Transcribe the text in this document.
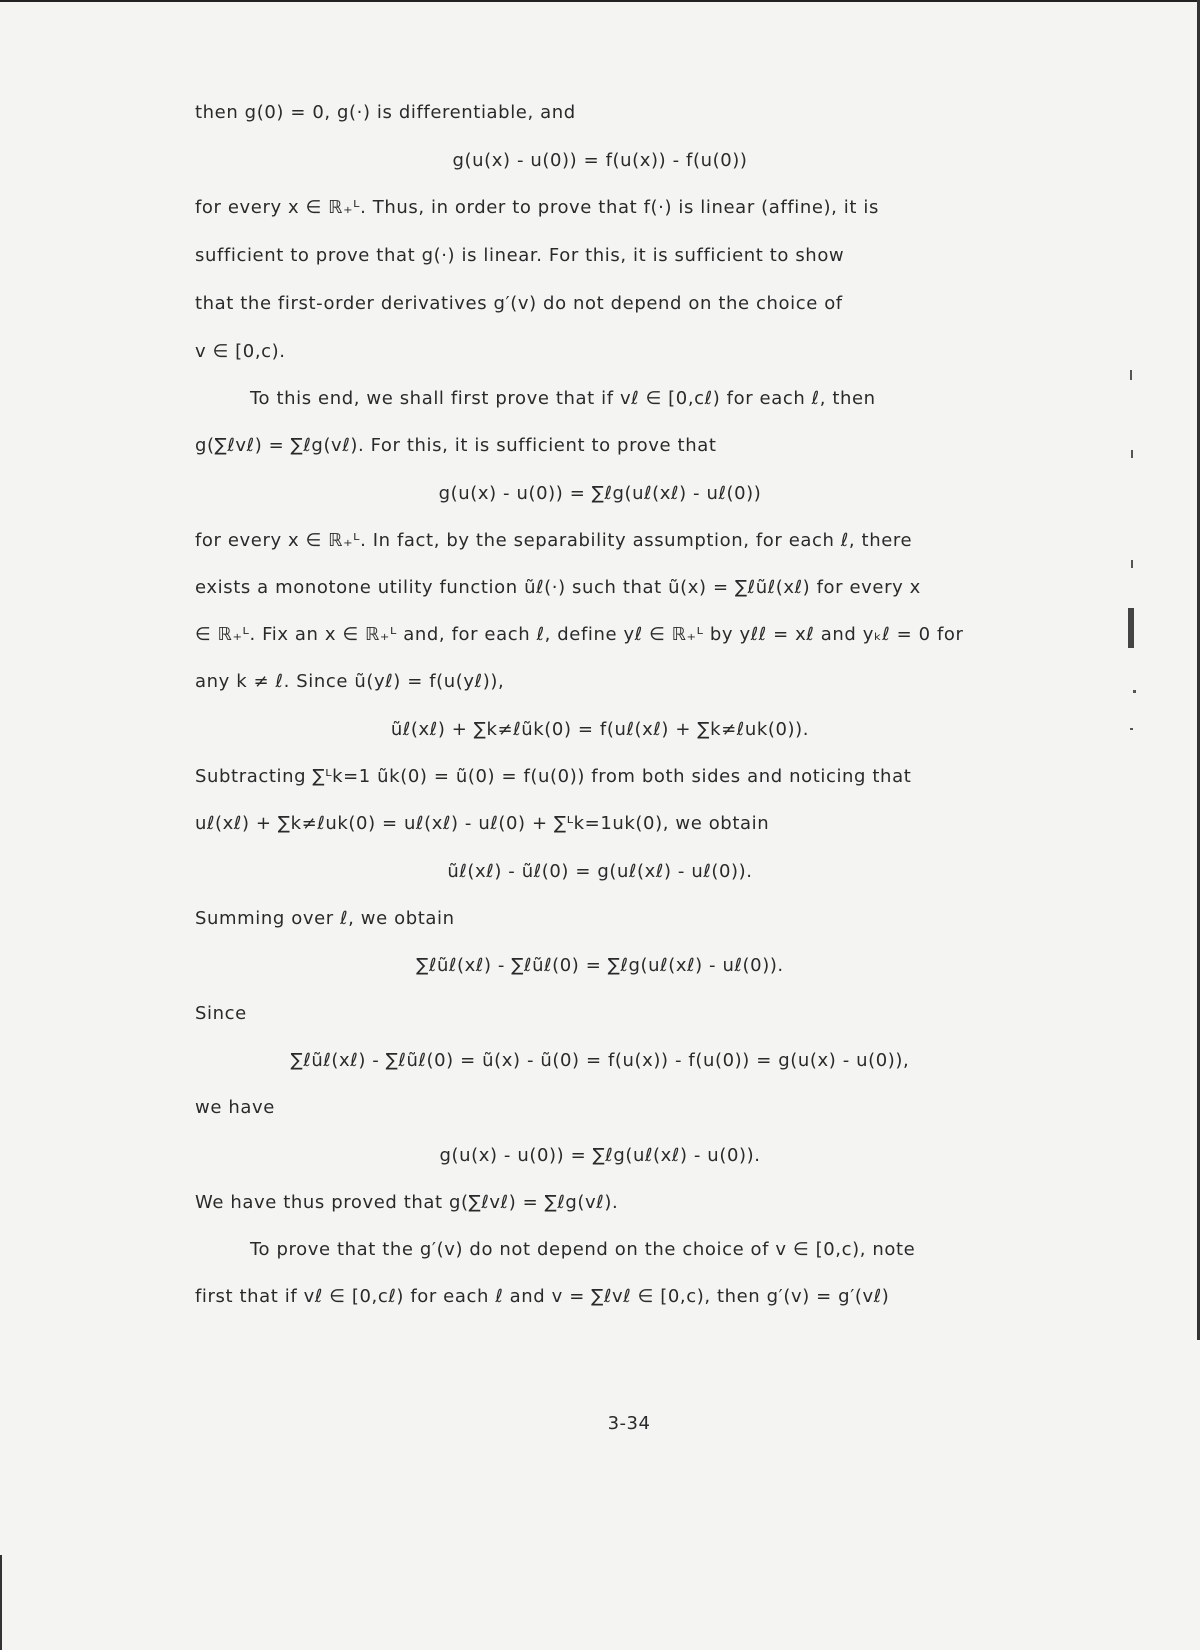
then g(0) = 0, g(·) is differentiable, and
g(u(x) - u(0)) = f(u(x)) - f(u(0))
for every x ∈ ℝ₊ᴸ. Thus, in order to prove that f(·) is linear (affine), it is
sufficient to prove that g(·) is linear. For this, it is sufficient to show
that the first-order derivatives g′(v) do not depend on the choice of
v ∈ [0,c).
To this end, we shall first prove that if vℓ ∈ [0,cℓ) for each ℓ, then
g(∑ℓvℓ) = ∑ℓg(vℓ). For this, it is sufficient to prove that
g(u(x) - u(0)) = ∑ℓg(uℓ(xℓ) - uℓ(0))
for every x ∈ ℝ₊ᴸ. In fact, by the separability assumption, for each ℓ, there
exists a monotone utility function ũℓ(·) such that ũ(x) = ∑ℓũℓ(xℓ) for every x
∈ ℝ₊ᴸ. Fix an x ∈ ℝ₊ᴸ and, for each ℓ, define yℓ ∈ ℝ₊ᴸ by yℓℓ = xℓ and yₖℓ = 0 for
any k ≠ ℓ. Since ũ(yℓ) = f(u(yℓ)),
ũℓ(xℓ) + ∑k≠ℓũk(0) = f(uℓ(xℓ) + ∑k≠ℓuk(0)).
Subtracting ∑ᴸk=1 ũk(0) = ũ(0) = f(u(0)) from both sides and noticing that
uℓ(xℓ) + ∑k≠ℓuk(0) = uℓ(xℓ) - uℓ(0) + ∑ᴸk=1uk(0), we obtain
ũℓ(xℓ) - ũℓ(0) = g(uℓ(xℓ) - uℓ(0)).
Summing over ℓ, we obtain
∑ℓũℓ(xℓ) - ∑ℓũℓ(0) = ∑ℓg(uℓ(xℓ) - uℓ(0)).
Since
∑ℓũℓ(xℓ) - ∑ℓũℓ(0) = ũ(x) - ũ(0) = f(u(x)) - f(u(0)) = g(u(x) - u(0)),
we have
g(u(x) - u(0)) = ∑ℓg(uℓ(xℓ) - u(0)).
We have thus proved that g(∑ℓvℓ) = ∑ℓg(vℓ).
To prove that the g′(v) do not depend on the choice of v ∈ [0,c), note
first that if vℓ ∈ [0,cℓ) for each ℓ and v = ∑ℓvℓ ∈ [0,c), then g′(v) = g′(vℓ)
3-34
